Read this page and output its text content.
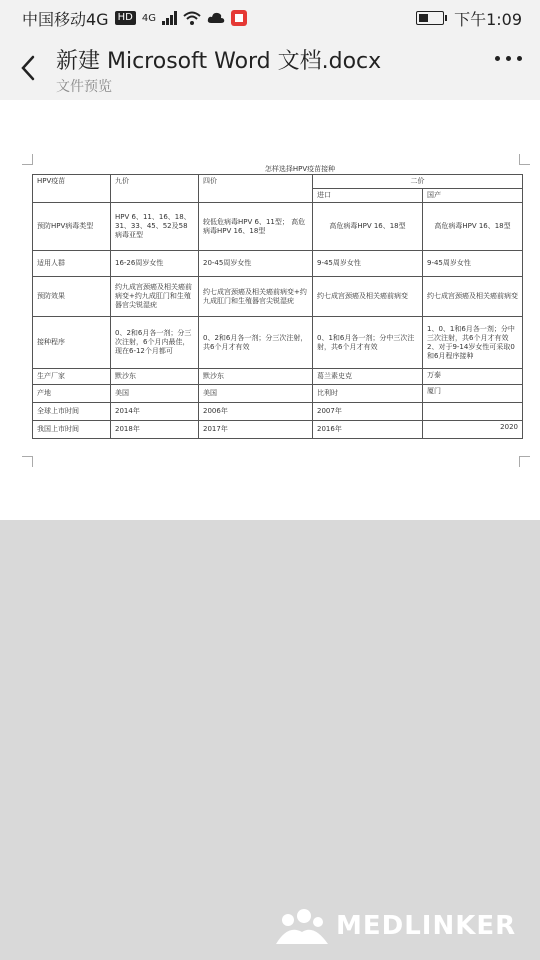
中国移动4G HD 4G	下午1:09
新建 Microsoft Word 文档.docx
文件预览
怎样选择HPV疫苗接种
HPV疫苗	九价	四价	二价	
			进口	国产
预防HPV病毒类型	HPV 6、11、16、18、31、33、45、52及58病毒亚型	较低危病毒HPV 6、11型； 高危病毒HPV 16、18型	高危病毒HPV 16、18型	高危病毒HPV 16、18型
适用人群	16-26周岁女性	20-45周岁女性	9-45周岁女性	9-45周岁女性
预防效果	约九成宫颈癌及相关癌前病变+约九成肛门和生殖器官尖锐湿疣	约七成宫颈癌及相关癌前病变+约九成肛门和生殖器官尖锐湿疣	约七成宫颈癌及相关癌前病变	约七成宫颈癌及相关癌前病变
接种程序	0、2和6月各一剂；分三次注射，6个月内最佳，现在6-12个月都可	0、2和6月各一剂；分三次注射，共6个月才有效	0、1和6月各一剂；分中三次注射，共6个月才有效	1、0、1和6月各一剂；分中三次注射，共6个月才有效 2、对于9-14岁女性可采取0和6月程序接种
生产厂家	默沙东	默沙东	葛兰素史克	万泰
产地	美国	美国	比利时	厦门
全球上市时间	2014年	2006年	2007年	
我国上市时间	2018年	2017年	2016年	2020
MEDLINKER
